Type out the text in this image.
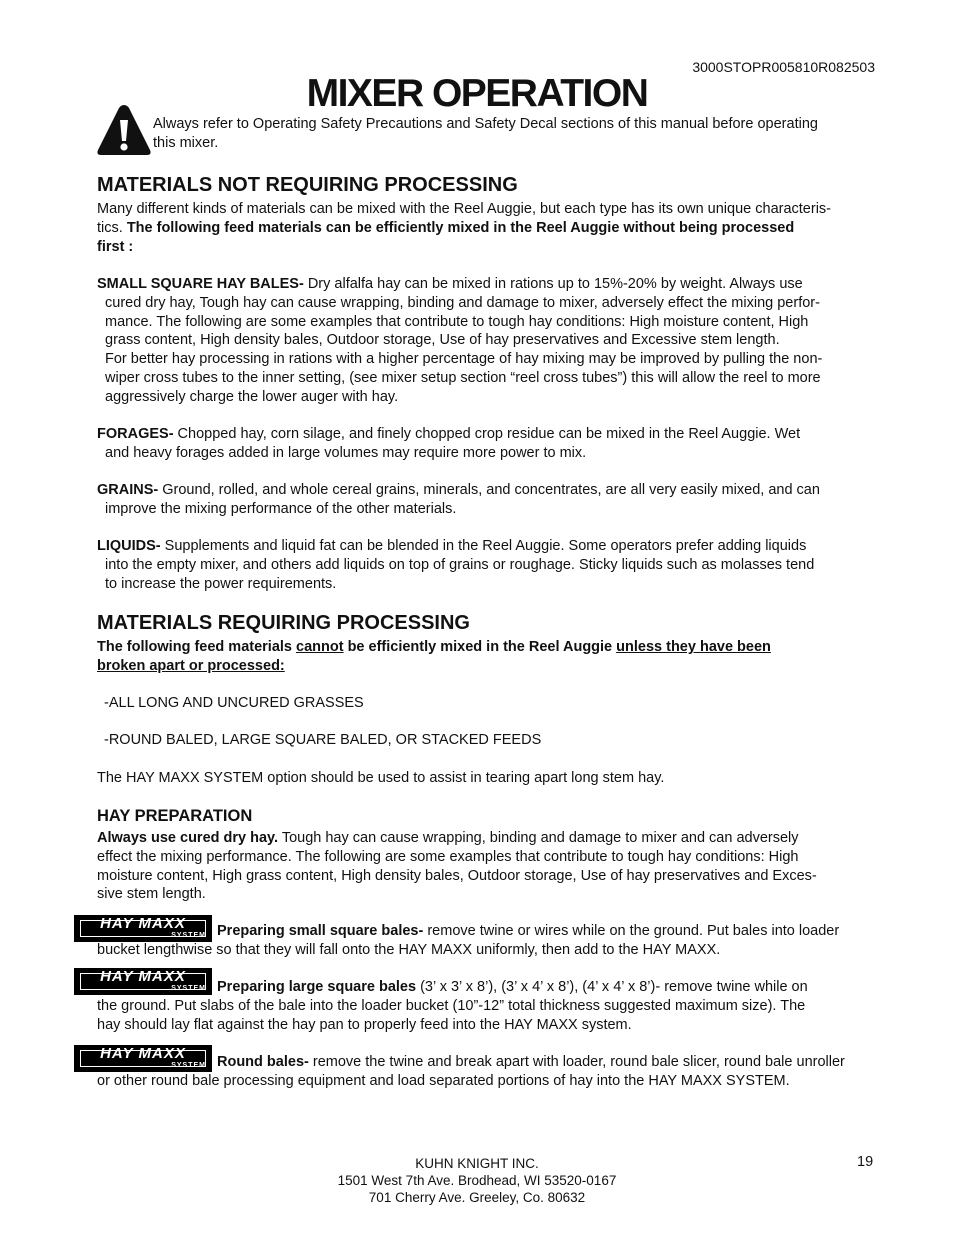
3000STOPR005810R082503
MIXER OPERATION
Always refer to Operating Safety Precautions and Safety Decal sections of this manual before operating
this mixer.
MATERIALS NOT REQUIRING PROCESSING
Many different kinds of materials can be mixed with the Reel Auggie, but each type has its own unique characteris-
tics. The following feed materials can be efficiently mixed in the Reel Auggie without being processed
first :
SMALL SQUARE HAY BALES- Dry alfalfa hay can be mixed in rations up to 15%-20% by weight. Always use
cured dry hay, Tough hay can cause wrapping, binding and damage to mixer, adversely effect the mixing perfor-
mance. The following are some examples that contribute to tough hay conditions: High moisture content, High
grass content, High density bales, Outdoor storage, Use of hay preservatives and Excessive stem length.
For better hay processing in rations with a higher percentage of hay mixing may be improved by pulling the non-
wiper cross tubes to the inner setting, (see mixer setup section “reel cross tubes”) this will allow the reel to more
aggressively charge the lower auger with hay.
FORAGES- Chopped hay, corn silage, and finely chopped crop residue can be mixed in the Reel Auggie. Wet
and heavy forages added in large volumes may require more power to mix.
GRAINS- Ground, rolled, and whole cereal grains, minerals, and concentrates, are all very easily mixed, and can
improve the mixing performance of the other materials.
LIQUIDS- Supplements and liquid fat can be blended in the Reel Auggie. Some operators prefer adding liquids
into the empty mixer, and others add liquids on top of grains or roughage. Sticky liquids such as molasses tend
to increase the power requirements.
MATERIALS REQUIRING PROCESSING
The following feed materials cannot be efficiently mixed in the Reel Auggie unless they have been
broken apart or processed:
-ALL LONG AND UNCURED GRASSES
-ROUND BALED, LARGE SQUARE BALED, OR STACKED FEEDS
The HAY MAXX SYSTEM option should be used to assist in tearing apart long stem hay.
HAY PREPARATION
Always use cured dry hay. Tough hay can cause wrapping, binding and damage to mixer and can adversely
effect the mixing performance. The following are some examples that contribute to tough hay conditions: High
moisture content, High grass content, High density bales, Outdoor storage, Use of hay preservatives and Exces-
sive stem length.
HAY MAXX
SYSTEM Preparing small square bales- remove twine or wires while on the ground. Put bales into loader
bucket lengthwise so that they will fall onto the HAY MAXX uniformly, then add to the HAY MAXX.
HAY MAXX
SYSTEM Preparing large square bales (3’ x 3’ x 8’), (3’ x 4’ x 8’), (4’ x 4’ x 8’)- remove twine while on
the ground. Put slabs of the bale into the loader bucket (10”-12” total thickness suggested maximum size). The
hay should lay flat against the hay pan to properly feed into the HAY MAXX system.
HAY MAXX
SYSTEM Round bales- remove the twine and break apart with loader, round bale slicer, round bale unroller
or other round bale processing equipment and load separated portions of hay into the HAY MAXX SYSTEM.
KUHN KNIGHT INC.
1501 West 7th Ave. Brodhead, WI 53520-0167
701 Cherry Ave. Greeley, Co. 80632
19
